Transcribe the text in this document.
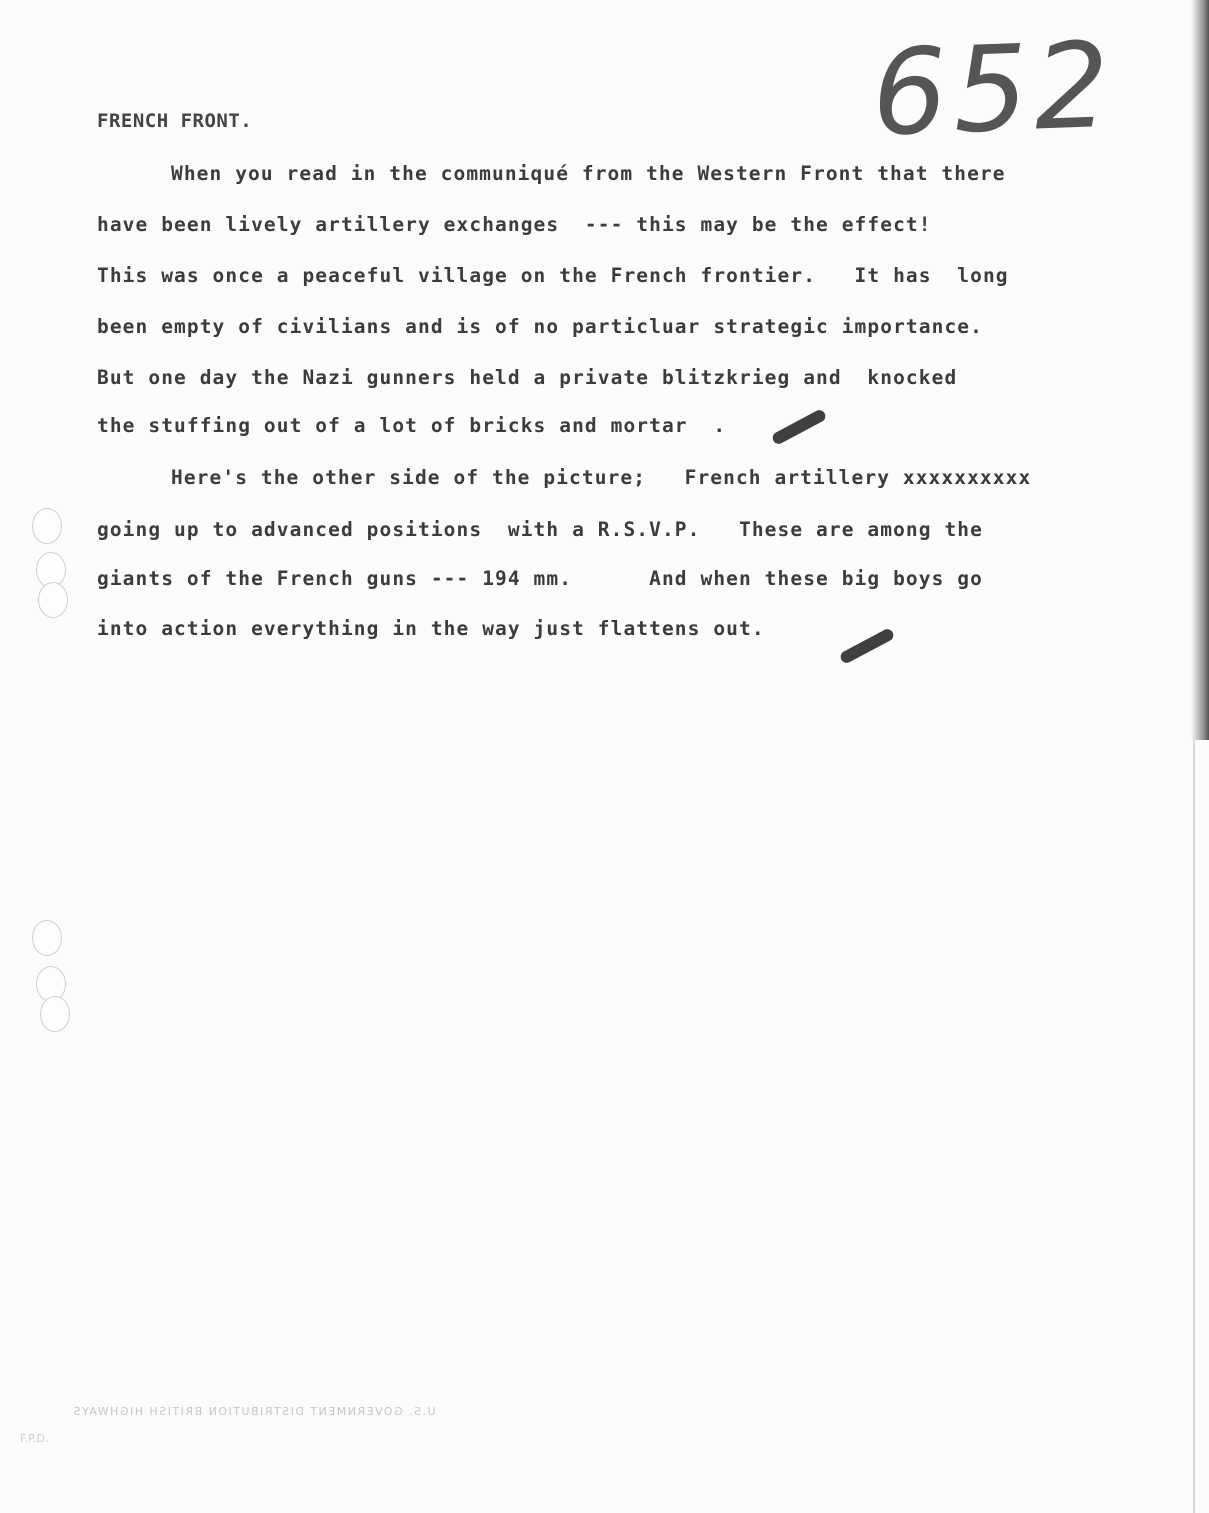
652
FRENCH FRONT.
When you read in the communiqué from the Western Front that there
have been lively artillery exchanges  --- this may be the effect!
This was once a peaceful village on the French frontier.   It has  long
been empty of civilians and is of no particluar strategic importance.
But one day the Nazi gunners held a private blitzkrieg and  knocked
the stuffing out of a lot of bricks and mortar  .
Here's the other side of the picture;   French artillery xxxxxxxxxx
going up to advanced positions  with a R.S.V.P.   These are among the
giants of the French guns --- 194 mm.      And when these big boys go
into action everything in the way just flattens out.
U.S. GOVERNMENT DISTRIBUTION BRITISH HIGHWAYS
F.P.D.
